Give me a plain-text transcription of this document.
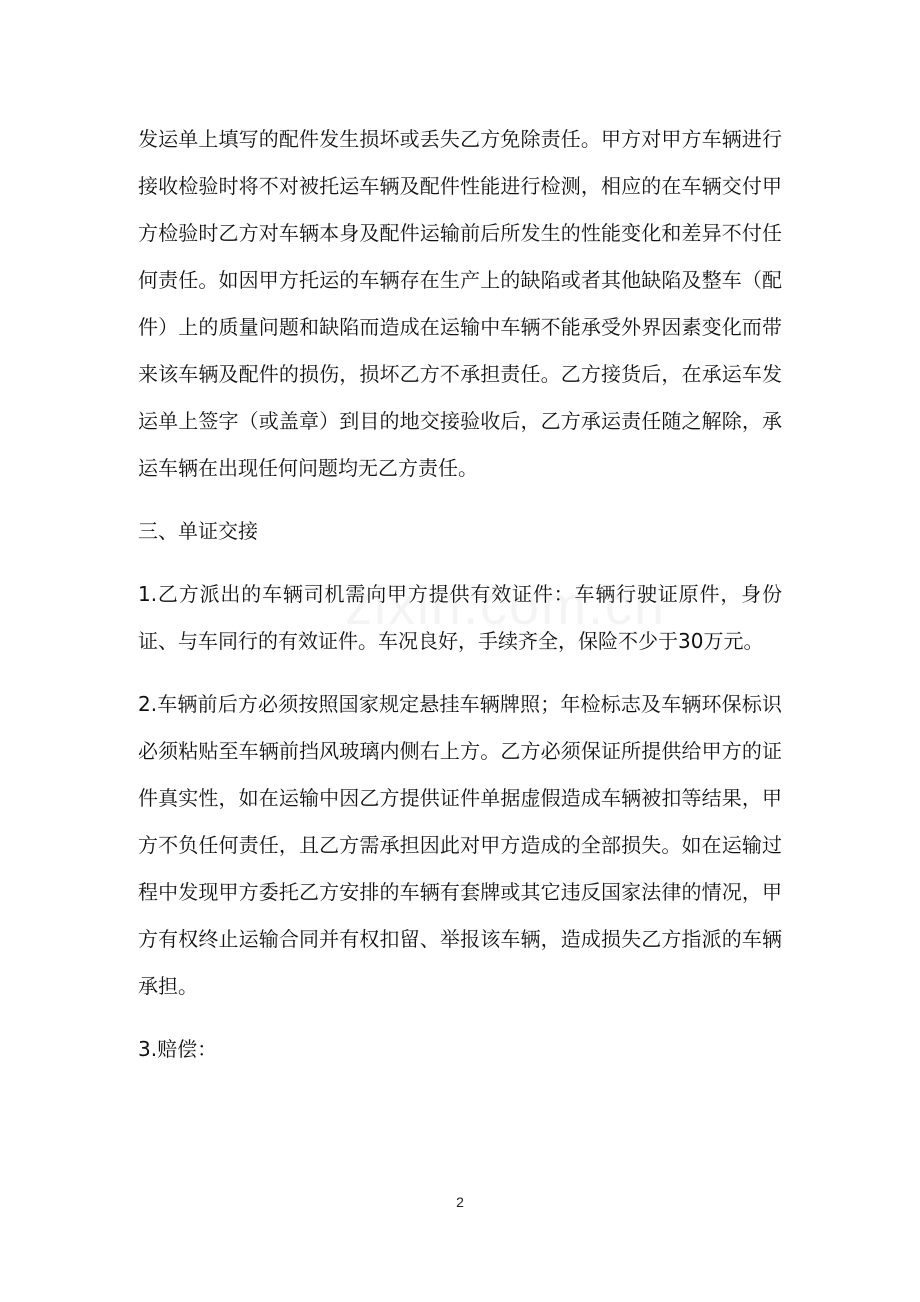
发运单上填写的配件发生损坏或丢失乙方免除责任。甲方对甲方车辆进行接收检验时将不对被托运车辆及配件性能进行检测，相应的在车辆交付甲方检验时乙方对车辆本身及配件运输前后所发生的性能变化和差异不付任何责任。如因甲方托运的车辆存在生产上的缺陷或者其他缺陷及整车（配件）上的质量问题和缺陷而造成在运输中车辆不能承受外界因素变化而带来该车辆及配件的损伤，损坏乙方不承担责任。乙方接货后，在承运车发运单上签字（或盖章）到目的地交接验收后，乙方承运责任随之解除，承运车辆在出现任何问题均无乙方责任。

三、单证交接

1.乙方派出的车辆司机需向甲方提供有效证件：车辆行驶证原件，身份证、与车同行的有效证件。车况良好，手续齐全，保险不少于30万元。

2.车辆前后方必须按照国家规定悬挂车辆牌照；年检标志及车辆环保标识必须粘贴至车辆前挡风玻璃内侧右上方。乙方必须保证所提供给甲方的证件真实性，如在运输中因乙方提供证件单据虚假造成车辆被扣等结果，甲方不负任何责任，且乙方需承担因此对甲方造成的全部损失。如在运输过程中发现甲方委托乙方安排的车辆有套牌或其它违反国家法律的情况，甲方有权终止运输合同并有权扣留、举报该车辆，造成损失乙方指派的车辆承担。

3.赔偿：

2
